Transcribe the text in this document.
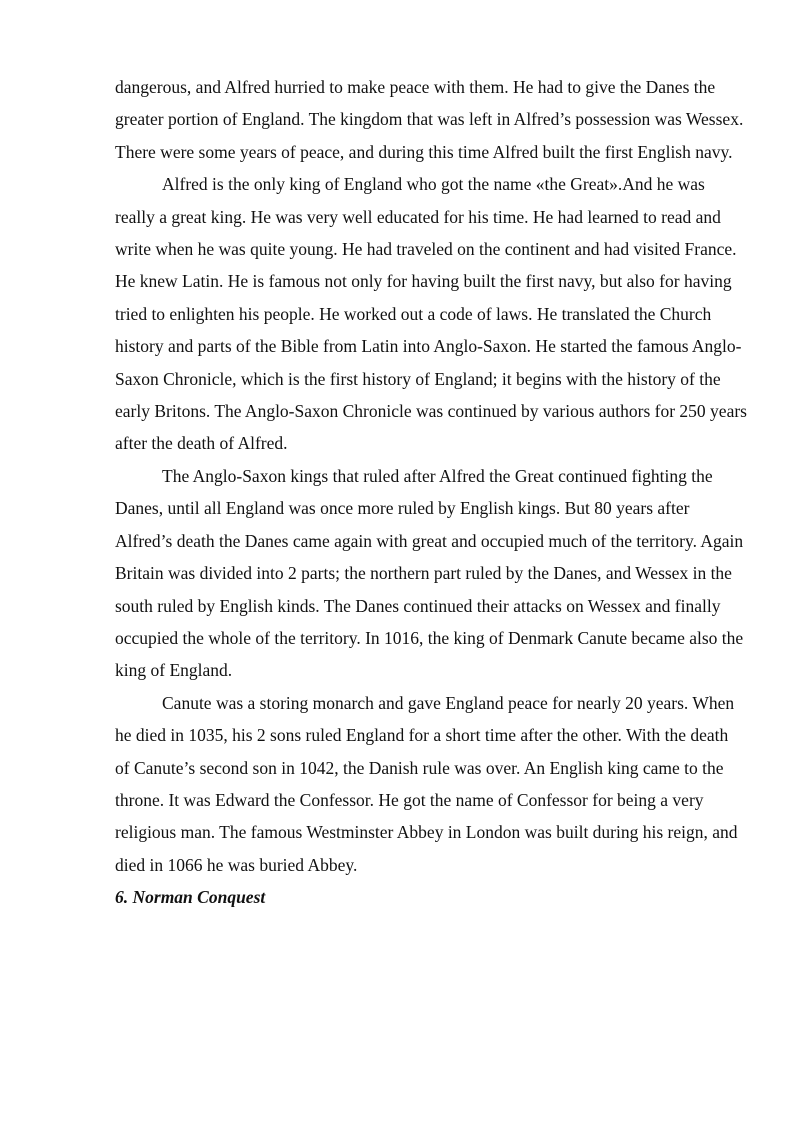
dangerous, and Alfred hurried to make peace with them. He had to give the Danes the greater portion of England. The kingdom that was left in Alfred’s possession was Wessex. There were some years of peace, and during this time Alfred built the first English navy.

Alfred is the only king of England who got the name «the Great».And he was really a great king. He was very well educated for his time. He had learned to read and write when he was quite young. He had traveled on the continent and had visited France. He knew Latin. He is famous not only for having built the first navy, but also for having tried to enlighten his people. He worked out a code of laws. He translated the Church history and parts of the Bible from Latin into Anglo-Saxon. He started the famous Anglo-Saxon Chronicle, which is the first history of England; it begins with the history of the early Britons. The Anglo-Saxon Chronicle was continued by various authors for 250 years after the death of Alfred.

The Anglo-Saxon kings that ruled after Alfred the Great continued fighting the Danes, until all England was once more ruled by English kings. But 80 years after Alfred’s death the Danes came again with great and occupied much of the territory. Again Britain was divided into 2 parts; the northern part ruled by the Danes, and Wessex in the south ruled by English kinds. The Danes continued their attacks on Wessex and finally occupied the whole of the territory. In 1016, the king of Denmark Canute became also the king of England.

Canute was a storing monarch and gave England peace for nearly 20 years. When he died in 1035, his 2 sons ruled England for a short time after the other. With the death of Canute’s second son in 1042, the Danish rule was over. An English king came to the throne. It was Edward the Confessor. He got the name of Confessor for being a very religious man. The famous Westminster Abbey in London was built during his reign, and died in 1066 he was buried Abbey.

6. Norman Conquest
